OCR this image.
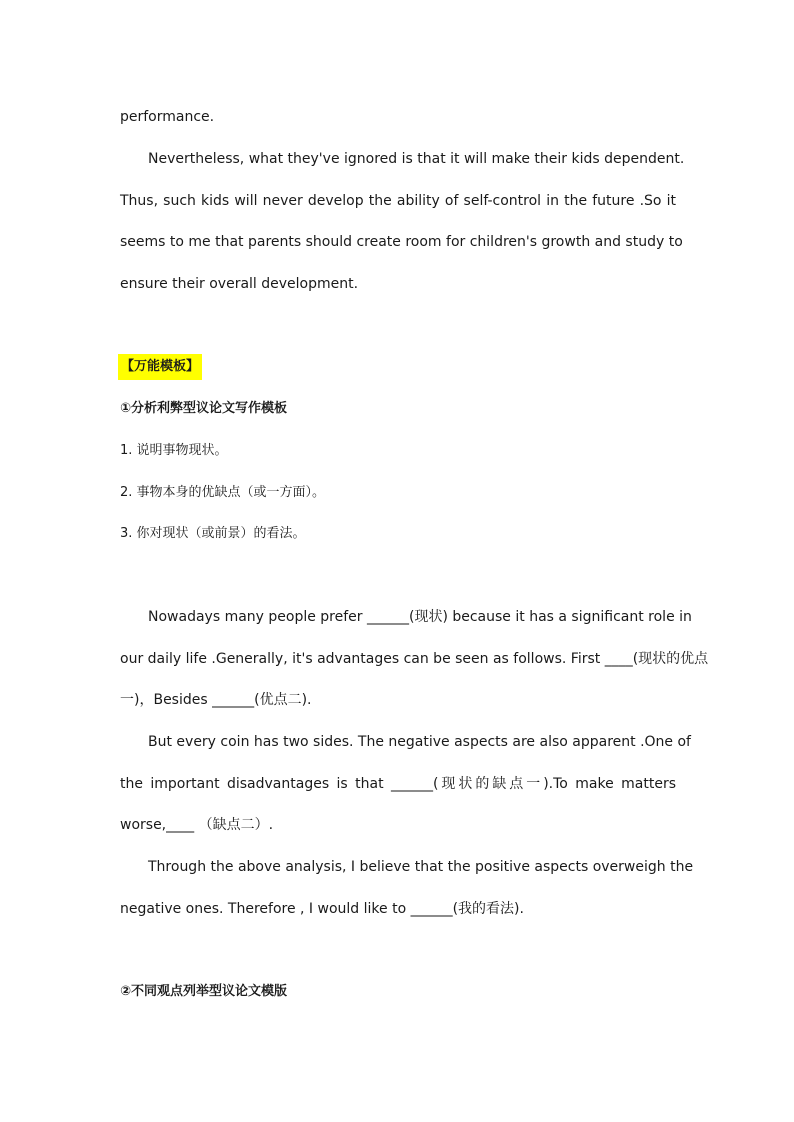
performance.
Nevertheless, what they've ignored is that it will make their kids dependent.
Thus, such kids will never develop the ability of self-control in the future .So it
seems to me that parents should create room for children's growth and study to
ensure their overall development.
【万能模板】
①分析利弊型议论文写作模板
1. 说明事物现状。
2. 事物本身的优缺点（或一方面）。
3. 你对现状（或前景）的看法。
Nowadays many people prefer ______(现状) because it has a significant role in
our daily life .Generally, it's advantages can be seen as follows. First ____(现状的优点
一)，Besides ______(优点二).
But every coin has two sides. The negative aspects are also apparent .One of
the important disadvantages is that ______(现状的缺点一).To make matters
worse,____ （缺点二）.
Through the above analysis, I believe that the positive aspects overweigh the
negative ones. Therefore , I would like to ______(我的看法).
②不同观点列举型议论文模版
